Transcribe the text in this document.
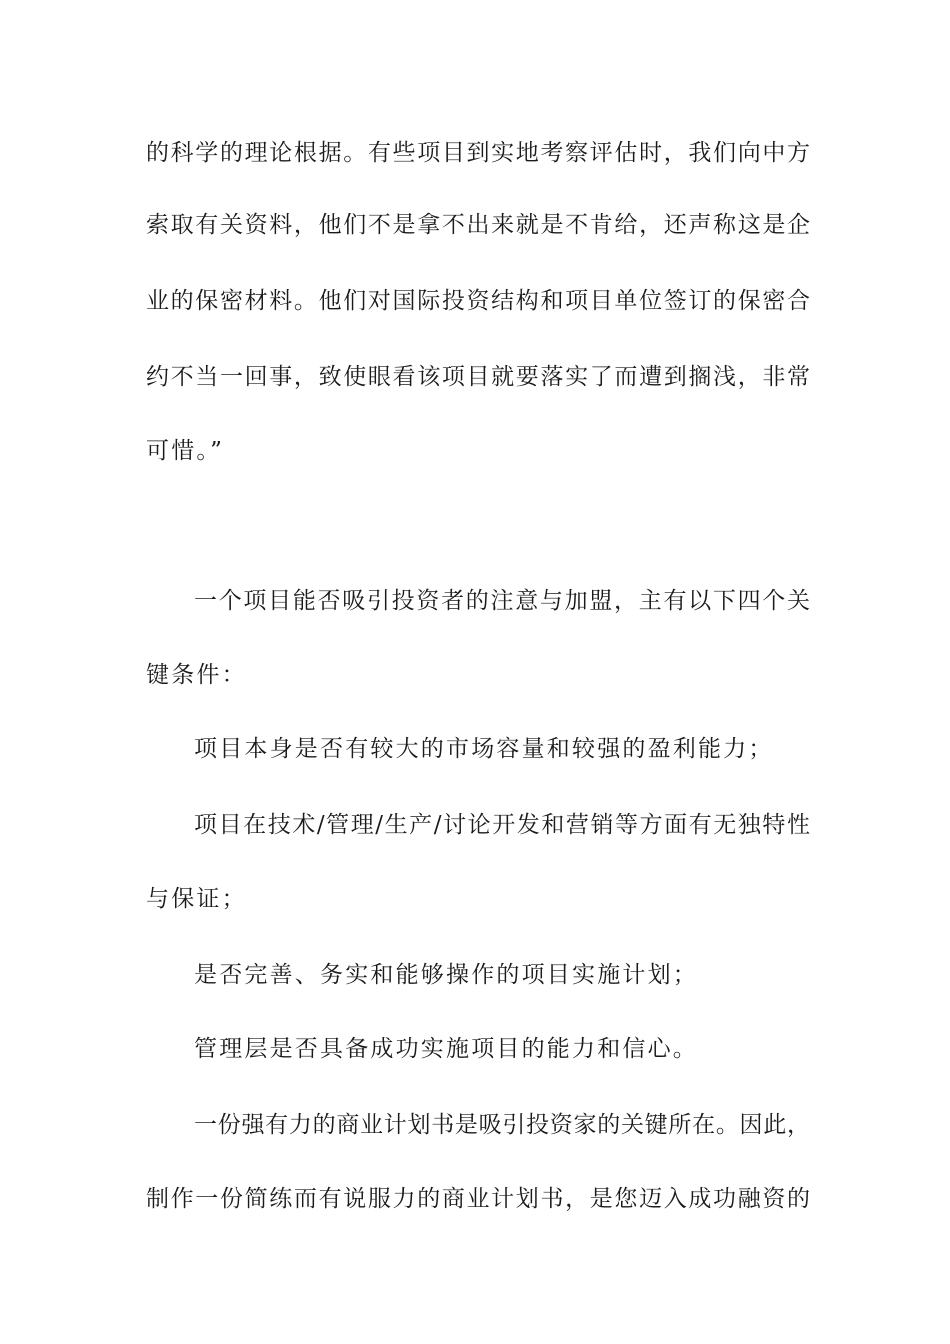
的科学的理论根据。有些项目到实地考察评估时，我们向中方

索取有关资料，他们不是拿不出来就是不肯给，还声称这是企

业的保密材料。他们对国际投资结构和项目单位签订的保密合

约不当一回事，致使眼看该项目就要落实了而遭到搁浅，非常

可惜。”

一个项目能否吸引投资者的注意与加盟，主有以下四个关

键条件：

项目本身是否有较大的市场容量和较强的盈利能力；

项目在技术/管理/生产/讨论开发和营销等方面有无独特性

与保证；

是否完善、务实和能够操作的项目实施计划；

管理层是否具备成功实施项目的能力和信心。

一份强有力的商业计划书是吸引投资家的关键所在。因此，

制作一份简练而有说服力的商业计划书，是您迈入成功融资的
